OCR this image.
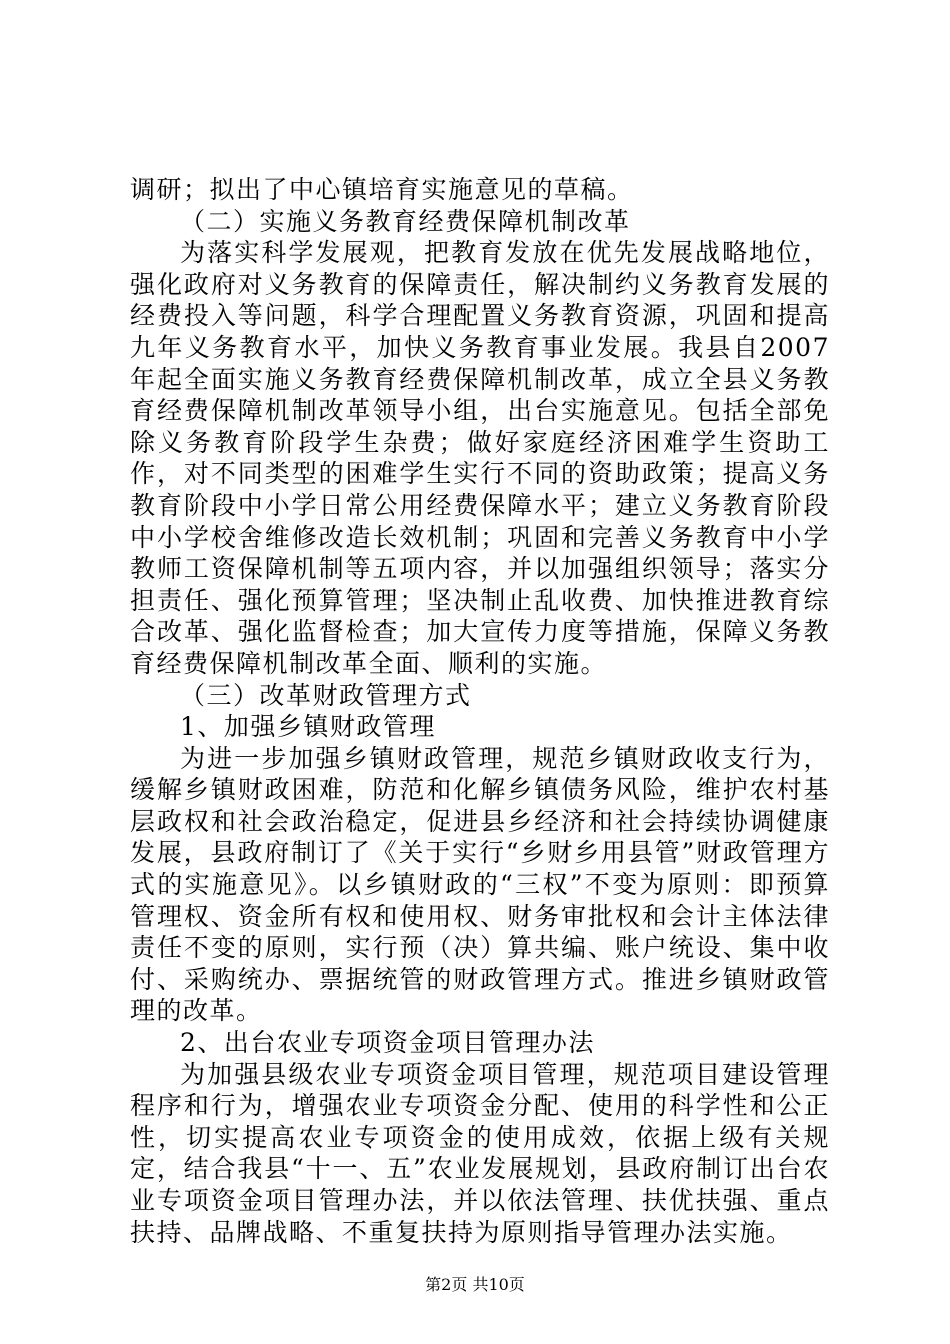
调研；拟出了中心镇培育实施意见的草稿。

（二）实施义务教育经费保障机制改革

为落实科学发展观，把教育发放在优先发展战略地位，强化政府对义务教育的保障责任，解决制约义务教育发展的经费投入等问题，科学合理配置义务教育资源，巩固和提高九年义务教育水平，加快义务教育事业发展。我县自2007年起全面实施义务教育经费保障机制改革，成立全县义务教育经费保障机制改革领导小组，出台实施意见。包括全部免除义务教育阶段学生杂费；做好家庭经济困难学生资助工作，对不同类型的困难学生实行不同的资助政策；提高义务教育阶段中小学日常公用经费保障水平；建立义务教育阶段中小学校舍维修改造长效机制；巩固和完善义务教育中小学教师工资保障机制等五项内容，并以加强组织领导；落实分担责任、强化预算管理；坚决制止乱收费、加快推进教育综合改革、强化监督检查；加大宣传力度等措施，保障义务教育经费保障机制改革全面、顺利的实施。

（三）改革财政管理方式

1、加强乡镇财政管理

为进一步加强乡镇财政管理，规范乡镇财政收支行为，缓解乡镇财政困难，防范和化解乡镇债务风险，维护农村基层政权和社会政治稳定，促进县乡经济和社会持续协调健康发展，县政府制订了《关于实行“乡财乡用县管”财政管理方式的实施意见》。以乡镇财政的“三权”不变为原则：即预算管理权、资金所有权和使用权、财务审批权和会计主体法律责任不变的原则，实行预（决）算共编、账户统设、集中收付、采购统办、票据统管的财政管理方式。推进乡镇财政管理的改革。

2、出台农业专项资金项目管理办法

为加强县级农业专项资金项目管理，规范项目建设管理程序和行为，增强农业专项资金分配、使用的科学性和公正性，切实提高农业专项资金的使用成效，依据上级有关规定，结合我县“十一、五”农业发展规划，县政府制订出台农业专项资金项目管理办法，并以依法管理、扶优扶强、重点扶持、品牌战略、不重复扶持为原则指导管理办法实施。

第2页 共10页
